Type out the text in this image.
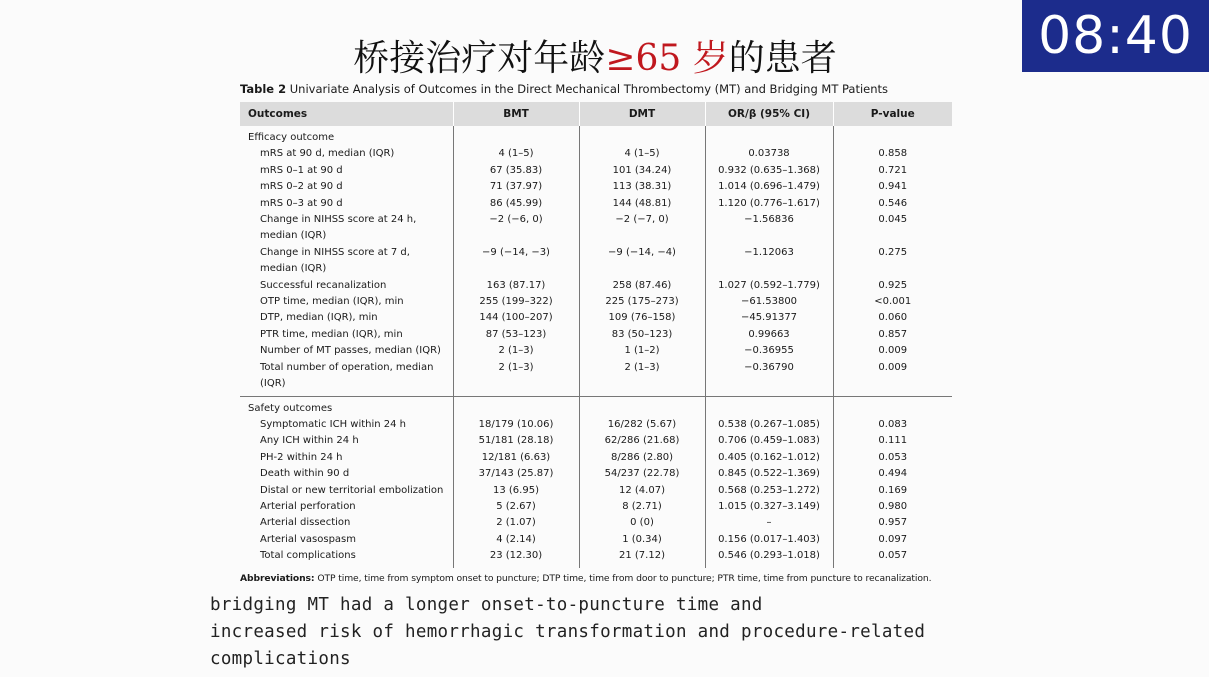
08:40
桥接治疗对年龄≥65 岁的患者
Table 2 Univariate Analysis of Outcomes in the Direct Mechanical Thrombectomy (MT) and Bridging MT Patients
Outcomes	BMT	DMT	OR/β (95% CI)	P-value
Efficacy outcome				
mRS at 90 d, median (IQR)	4 (1–5)	4 (1–5)	0.03738	0.858
mRS 0–1 at 90 d	67 (35.83)	101 (34.24)	0.932 (0.635–1.368)	0.721
mRS 0–2 at 90 d	71 (37.97)	113 (38.31)	1.014 (0.696–1.479)	0.941
mRS 0–3 at 90 d	86 (45.99)	144 (48.81)	1.120 (0.776–1.617)	0.546
Change in NIHSS score at 24 h, median (IQR)	−2 (−6, 0)	−2 (−7, 0)	−1.56836	0.045
Change in NIHSS score at 7 d, median (IQR)	−9 (−14, −3)	−9 (−14, −4)	−1.12063	0.275
Successful recanalization	163 (87.17)	258 (87.46)	1.027 (0.592–1.779)	0.925
OTP time, median (IQR), min	255 (199–322)	225 (175–273)	−61.53800	<0.001
DTP, median (IQR), min	144 (100–207)	109 (76–158)	−45.91377	0.060
PTR time, median (IQR), min	87 (53–123)	83 (50–123)	0.99663	0.857
Number of MT passes, median (IQR)	2 (1–3)	1 (1–2)	−0.36955	0.009
Total number of operation, median (IQR)	2 (1–3)	2 (1–3)	−0.36790	0.009

Safety outcomes				
Symptomatic ICH within 24 h	18/179 (10.06)	16/282 (5.67)	0.538 (0.267–1.085)	0.083
Any ICH within 24 h	51/181 (28.18)	62/286 (21.68)	0.706 (0.459–1.083)	0.111
PH-2 within 24 h	12/181 (6.63)	8/286 (2.80)	0.405 (0.162–1.012)	0.053
Death within 90 d	37/143 (25.87)	54/237 (22.78)	0.845 (0.522–1.369)	0.494
Distal or new territorial embolization	13 (6.95)	12 (4.07)	0.568 (0.253–1.272)	0.169
Arterial perforation	5 (2.67)	8 (2.71)	1.015 (0.327–3.149)	0.980
Arterial dissection	2 (1.07)	0 (0)	–	0.957
Arterial vasospasm	4 (2.14)	1 (0.34)	0.156 (0.017–1.403)	0.097
Total complications	23 (12.30)	21 (7.12)	0.546 (0.293–1.018)	0.057
Abbreviations: OTP time, time from symptom onset to puncture; DTP time, time from door to puncture; PTR time, time from puncture to recanalization.
bridging MT had a longer onset-to-puncture time and
increased risk of hemorrhagic transformation and procedure-related
complications
